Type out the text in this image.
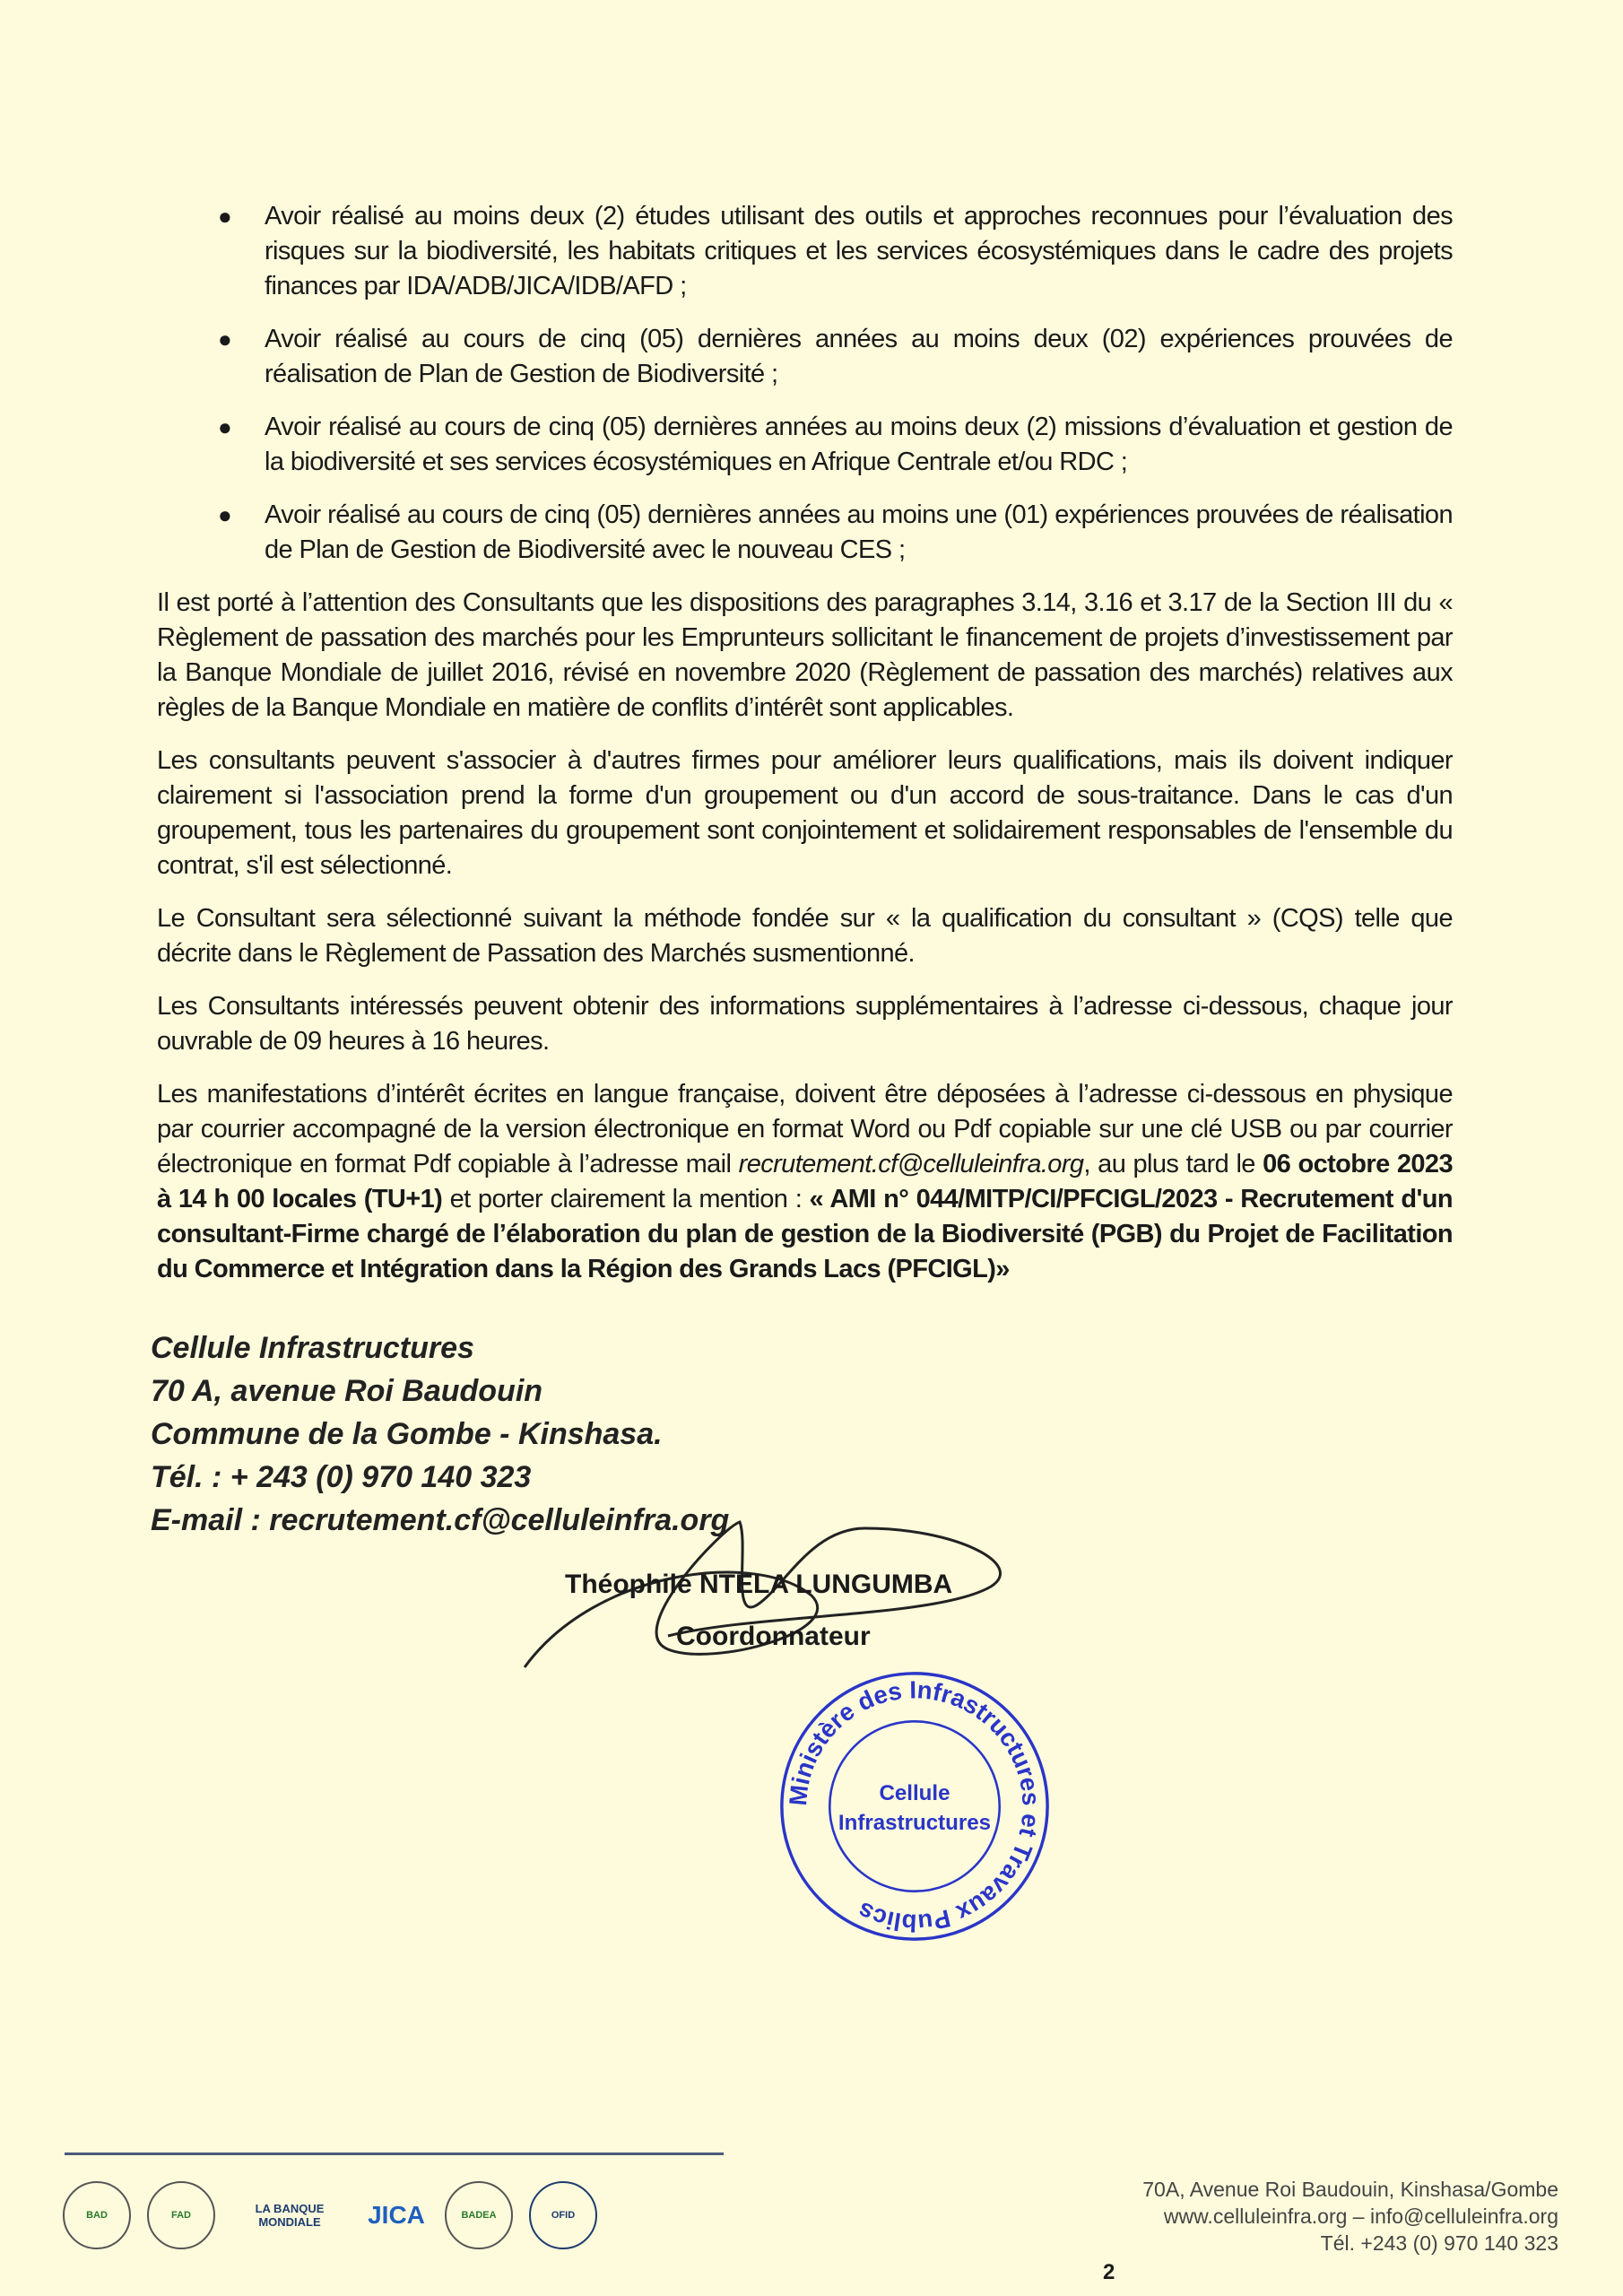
● Avoir réalisé au moins deux (2) études utilisant des outils et approches reconnues pour l’évaluation des risques sur la biodiversité, les habitats critiques et les services écosystémiques dans le cadre des projets finances par IDA/ADB/JICA/IDB/AFD ;
● Avoir réalisé au cours de cinq (05) dernières années au moins deux (02) expériences prouvées de réalisation de Plan de Gestion de Biodiversité ;
● Avoir réalisé au cours de cinq (05) dernières années au moins deux (2) missions d’évaluation et gestion de la biodiversité et ses services écosystémiques en Afrique Centrale et/ou RDC ;
● Avoir réalisé au cours de cinq (05) dernières années au moins une (01) expériences prouvées de réalisation de Plan de Gestion de Biodiversité avec le nouveau CES ;
Il est porté à l’attention des Consultants que les dispositions des paragraphes 3.14, 3.16 et 3.17 de la Section III du « Règlement de passation des marchés pour les Emprunteurs sollicitant le financement de projets d’investissement par la Banque Mondiale de juillet 2016, révisé en novembre 2020 (Règlement de passation des marchés) relatives aux règles de la Banque Mondiale en matière de conflits d’intérêt sont applicables.
Les consultants peuvent s'associer à d'autres firmes pour améliorer leurs qualifications, mais ils doivent indiquer clairement si l'association prend la forme d'un groupement ou d'un accord de sous-traitance. Dans le cas d'un groupement, tous les partenaires du groupement sont conjointement et solidairement responsables de l'ensemble du contrat, s'il est sélectionné.
Le Consultant sera sélectionné suivant la méthode fondée sur « la qualification du consultant » (CQS) telle que décrite dans le Règlement de Passation des Marchés susmentionné.
Les Consultants intéressés peuvent obtenir des informations supplémentaires à l’adresse ci-dessous, chaque jour ouvrable de 09 heures à 16 heures.
Les manifestations d’intérêt écrites en langue française, doivent être déposées à l’adresse ci-dessous en physique par courrier accompagné de la version électronique en format Word ou Pdf copiable sur une clé USB ou par courrier électronique en format Pdf copiable à l’adresse mail recrutement.cf@celluleinfra.org, au plus tard le 06 octobre 2023 à 14 h 00 locales (TU+1) et porter clairement la mention : « AMI n° 044/MITP/CI/PFCIGL/2023 - Recrutement d'un consultant-Firme chargé de l’élaboration du plan de gestion de la Biodiversité (PGB) du Projet de Facilitation du Commerce et Intégration dans la Région des Grands Lacs (PFCIGL)»
Cellule Infrastructures
70 A, avenue Roi Baudouin
Commune de la Gombe - Kinshasa.
Tél. : + 243 (0) 970 140 323
E-mail : recrutement.cf@celluleinfra.org
Théophile NTELA LUNGUMBA
Coordonnateur
Ministère des Infrastructures et Travaux Publics
Cellule
Infrastructures
BAD	FAD	LA BANQUE MONDIALE	JICA	BADEA	OFID
70A, Avenue Roi Baudouin, Kinshasa/Gombe
www.celluleinfra.org – info@celluleinfra.org
Tél. +243 (0) 970 140 323
2
